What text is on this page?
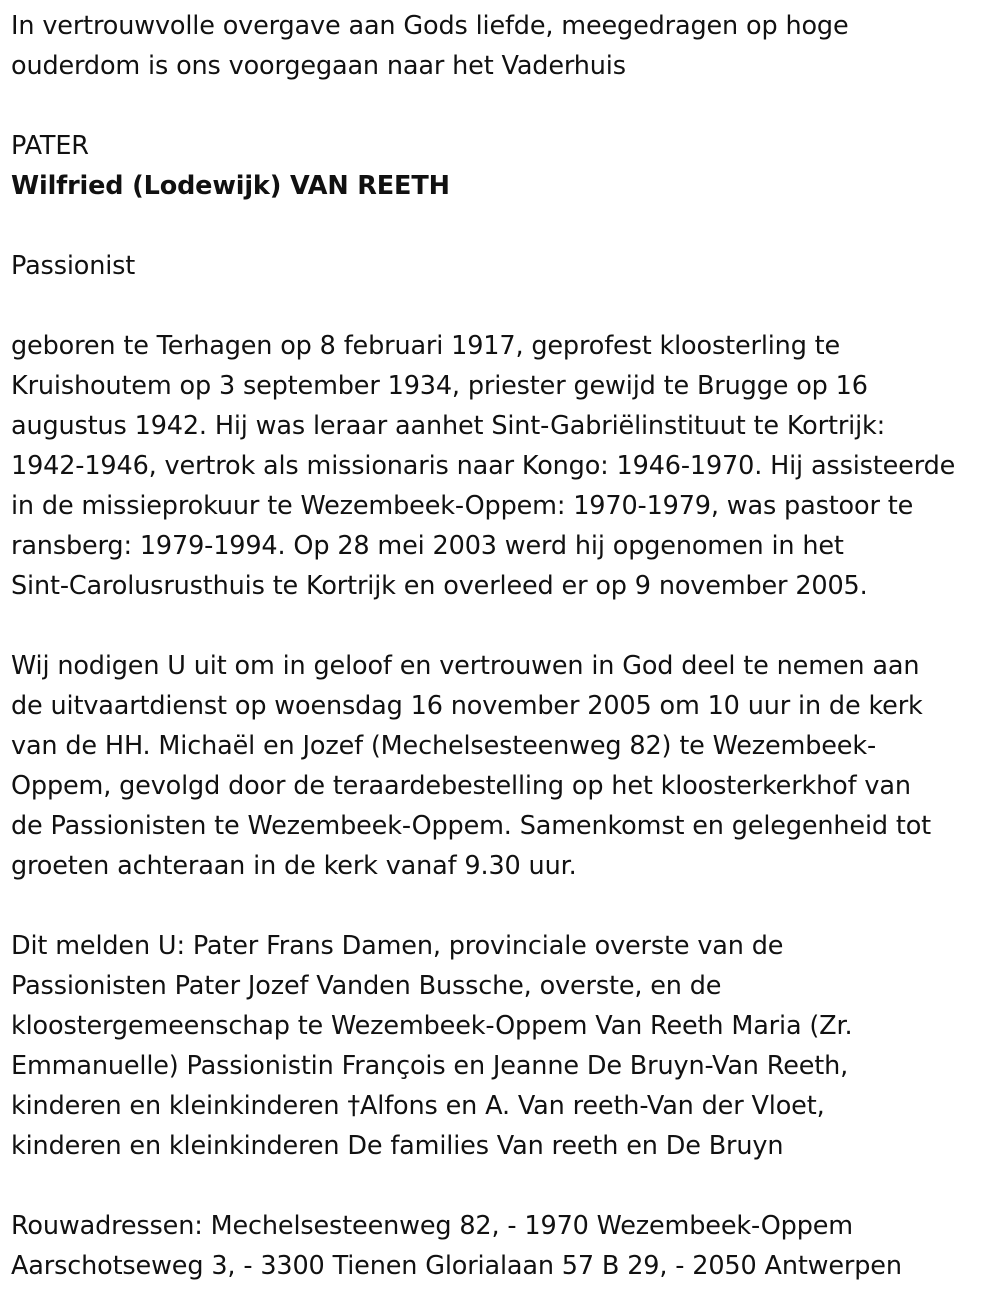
In vertrouwvolle overgave aan Gods liefde, meegedragen op hoge
ouderdom is ons voorgegaan naar het Vaderhuis
PATER
Wilfried (Lodewijk) VAN REETH
Passionist
geboren te Terhagen op 8 februari 1917, geprofest kloosterling te
Kruishoutem op 3 september 1934, priester gewijd te Brugge op 16
augustus 1942. Hij was leraar aanhet Sint-Gabriëlinstituut te Kortrijk:
1942-1946, vertrok als missionaris naar Kongo: 1946-1970. Hij assisteerde
in de missieprokuur te Wezembeek-Oppem: 1970-1979, was pastoor te
ransberg: 1979-1994. Op 28 mei 2003 werd hij opgenomen in het
Sint-Carolusrusthuis te Kortrijk en overleed er op 9 november 2005.
Wij nodigen U uit om in geloof en vertrouwen in God deel te nemen aan
de uitvaartdienst op woensdag 16 november 2005 om 10 uur in de kerk
van de HH. Michaël en Jozef (Mechelsesteenweg 82) te Wezembeek-
Oppem, gevolgd door de teraardebestelling op het kloosterkerkhof van
de Passionisten te Wezembeek-Oppem. Samenkomst en gelegenheid tot
groeten achteraan in de kerk vanaf 9.30 uur.
Dit melden U: Pater Frans Damen, provinciale overste van de
Passionisten Pater Jozef Vanden Bussche, overste, en de
kloostergemeenschap te Wezembeek-Oppem Van Reeth Maria (Zr.
Emmanuelle) Passionistin François en Jeanne De Bruyn-Van Reeth,
kinderen en kleinkinderen †Alfons en A. Van reeth-Van der Vloet,
kinderen en kleinkinderen De families Van reeth en De Bruyn
Rouwadressen: Mechelsesteenweg 82, - 1970 Wezembeek-Oppem
Aarschotseweg 3, - 3300 Tienen Glorialaan 57 B 29, - 2050 Antwerpen
